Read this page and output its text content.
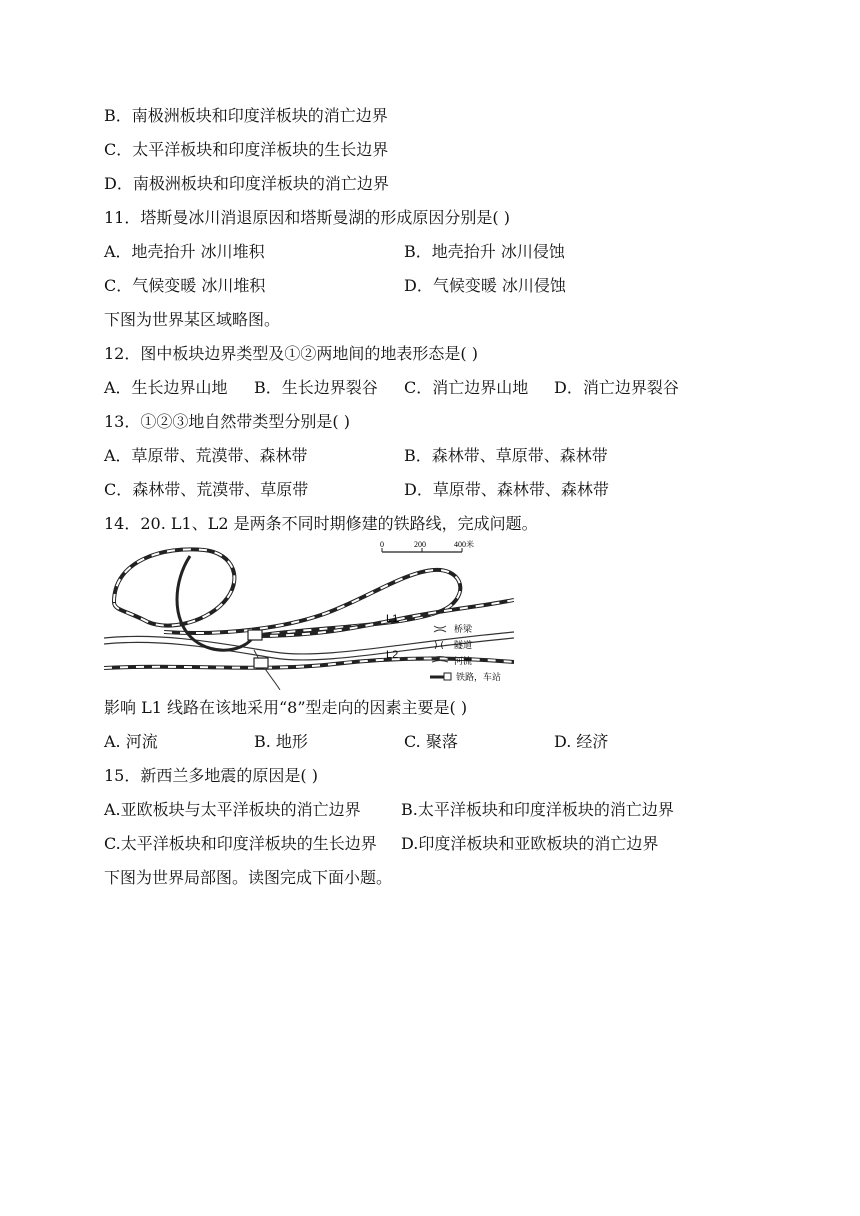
B．南极洲板块和印度洋板块的消亡边界
C．太平洋板块和印度洋板块的生长边界
D．南极洲板块和印度洋板块的消亡边界
11．塔斯曼冰川消退原因和塔斯曼湖的形成原因分别是( )
A．地壳抬升 冰川堆积	B．地壳抬升 冰川侵蚀
C．气候变暖 冰川堆积	D．气候变暖 冰川侵蚀
下图为世界某区域略图。
12．图中板块边界类型及①②两地间的地表形态是( )
A．生长边界山地 B．生长边界裂谷 C．消亡边界山地 D．消亡边界裂谷
13．①②③地自然带类型分别是( )
A．草原带、荒漠带、森林带	B．森林带、草原带、森林带
C．森林带、荒漠带、草原带	D．草原带、森林带、森林带
14．20. L1、L2 是两条不同时期修建的铁路线，完成问题。
0	200	400米
L1
L2
桥梁
) ( 隧道
河流
铁路，车站
影响 L1 线路在该地采用“8”型走向的因素主要是( )
A. 河流	B. 地形	C. 聚落	D. 经济
15．新西兰多地震的原因是( )
A.亚欧板块与太平洋板块的消亡边界	B.太平洋板块和印度洋板块的消亡边界
C.太平洋板块和印度洋板块的生长边界 D.印度洋板块和亚欧板块的消亡边界
下图为世界局部图。读图完成下面小题。
